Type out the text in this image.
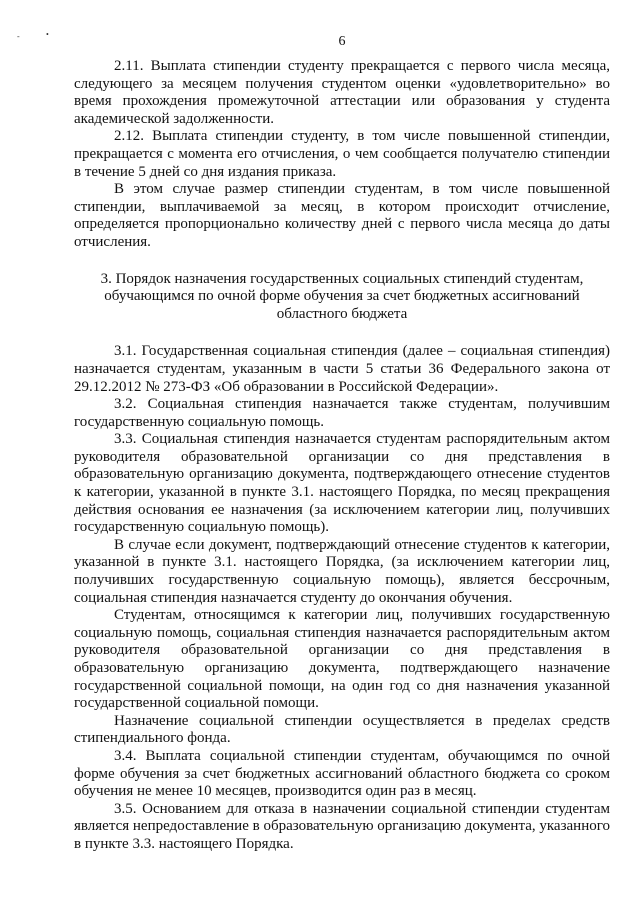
-	•	6

2.11. Выплата стипендии студенту прекращается с первого числа месяца, следующего за месяцем получения студентом оценки «удовлетворительно» во время прохождения промежуточной аттестации или образования у студента академической задолженности.

2.12. Выплата стипендии студенту, в том числе повышенной стипендии, прекращается с момента его отчисления, о чем сообщается получателю стипендии в течение 5 дней со дня издания приказа.

В этом случае размер стипендии студентам, в том числе повышенной стипендии, выплачиваемой за месяц, в котором происходит отчисление, определяется пропорционально количеству дней с первого числа месяца до даты отчисления.

3. Порядок назначения государственных социальных стипендий студентам, обучающимся по очной форме обучения за счет бюджетных ассигнований областного бюджета

3.1. Государственная социальная стипендия (далее – социальная стипендия) назначается студентам, указанным в части 5 статьи 36 Федерального закона от 29.12.2012 № 273-ФЗ «Об образовании в Российской Федерации».

3.2. Социальная стипендия назначается также студентам, получившим государственную социальную помощь.

3.3. Социальная стипендия назначается студентам распорядительным актом руководителя образовательной организации со дня представления в образовательную организацию документа, подтверждающего отнесение студентов к категории, указанной в пункте 3.1. настоящего Порядка, по месяц прекращения действия основания ее назначения (за исключением категории лиц, получивших государственную социальную помощь).

В случае если документ, подтверждающий отнесение студентов к категории, указанной в пункте 3.1. настоящего Порядка, (за исключением категории лиц, получивших государственную социальную помощь), является бессрочным, социальная стипендия назначается студенту до окончания обучения.

Студентам, относящимся к категории лиц, получивших государственную социальную помощь, социальная стипендия назначается распорядительным актом руководителя образовательной организации со дня представления в образовательную организацию документа, подтверждающего назначение государственной социальной помощи, на один год со дня назначения указанной государственной социальной помощи.

Назначение социальной стипендии осуществляется в пределах средств стипендиального фонда.

3.4. Выплата социальной стипендии студентам, обучающимся по очной форме обучения за счет бюджетных ассигнований областного бюджета со сроком обучения не менее 10 месяцев, производится один раз в месяц.

3.5. Основанием для отказа в назначении социальной стипендии студентам является непредоставление в образовательную организацию документа, указанного в пункте 3.3. настоящего Порядка.
